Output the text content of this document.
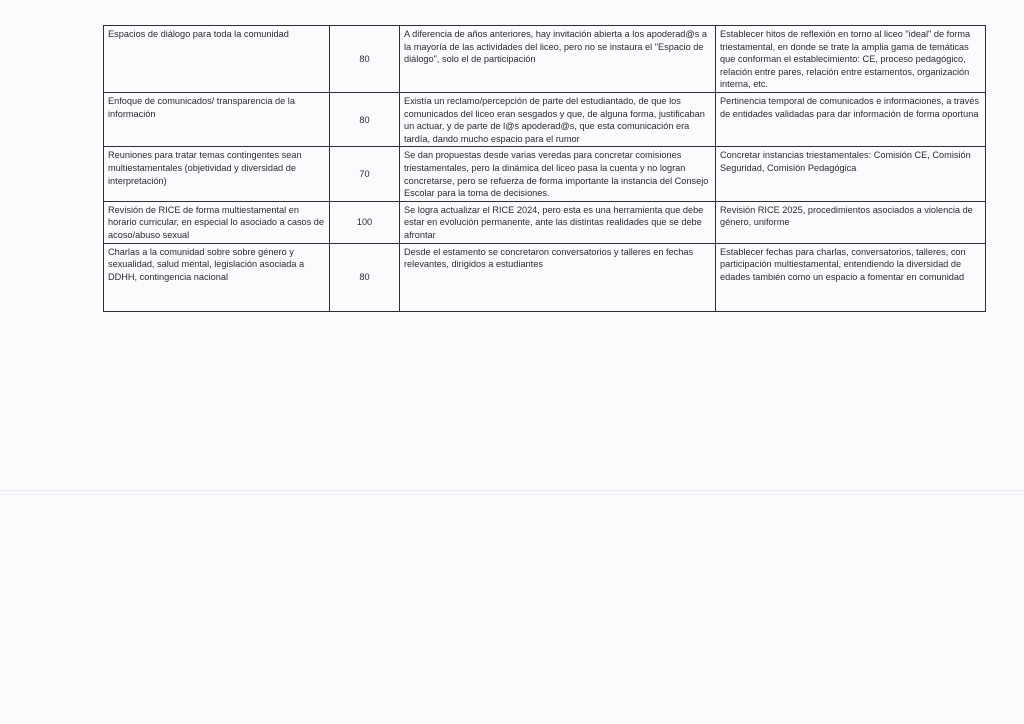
Espacios de diálogo para toda la comunidad	80	A diferencia de años anteriores, hay invitación abierta a los apoderad@s a la mayoría de las actividades del liceo, pero no se instaura el "Espacio de diálogo", solo el de participación	Establecer hitos de reflexión en torno al liceo "ideal" de forma triestamental, en donde se trate la amplia gama de temáticas que conforman el establecimiento: CE, proceso pedagógico, relación entre pares, relación entre estamentos, organización interna, etc.

Enfoque de comunicados/ transparencia de la información	80	Existía un reclamo/percepción de parte del estudiantado, de que los comunicados del liceo eran sesgados y que, de alguna forma, justificaban un actuar, y de parte de l@s apoderad@s, que esta comunicación era tardía, dando mucho espacio para el rumor	Pertinencia temporal de comunicados e informaciones, a través de entidades validadas para dar información de forma oportuna

Reuniones para tratar temas contingentes sean multiestamentales (objetividad y diversidad de interpretación)	70	Se dan propuestas desde varias veredas para concretar comisiones triestamentales, pero la dinámica del liceo pasa la cuenta y no logran concretarse, pero se refuerza de forma importante la instancia del Consejo Escolar para la toma de decisiones.	Concretar instancias triestamentales: Comisión CE, Comisión Seguridad, Comisión Pedagógica

Revisión de RICE de forma multiestamental en horario curricular, en especial lo asociado a casos de acoso/abuso sexual	100	Se logra actualizar el RICE 2024, pero esta es una herramienta que debe estar en evolución permanente, ante las distintas realidades que se debe afrontar	Revisión RICE 2025, procedimientos asociados a violencia de género, uniforme

Charlas a la comunidad sobre sobre género y sexualidad, salud mental, legislación asociada a DDHH, contingencia nacional	80	Desde el estamento se concretaron conversatorios y talleres en fechas relevantes, dirigidos a estudiantes	Establecer fechas para charlas, conversatorios, talleres, con participación multiestamental, entendiendo la diversidad de edades también como un espacio a fomentar en comunidad
